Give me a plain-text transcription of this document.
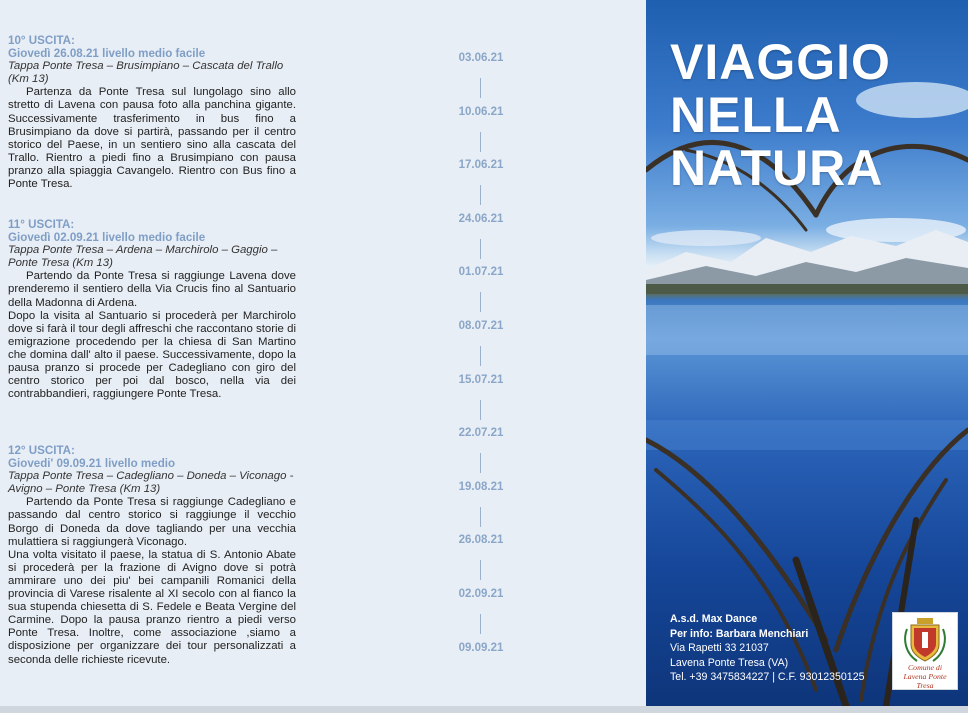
10° USCITA:
Giovedì 26.08.21 livello medio facile
Tappa Ponte Tresa – Brusimpiano – Cascata del Trallo (Km 13)

Partenza da Ponte Tresa sul lungolago sino allo stretto di Lavena con pausa foto alla panchina gigante. Successivamente trasferimento in bus fino a Brusimpiano da dove si partirà, passando per il centro storico del Paese, in un sentiero sino alla cascata del Trallo. Rientro a piedi fino a Brusimpiano con pausa pranzo alla spiaggia Cavangelo. Rientro con Bus fino a Ponte Tresa.

11° USCITA:
Giovedì 02.09.21 livello medio facile
Tappa Ponte Tresa – Ardena – Marchirolo – Gaggio – Ponte Tresa (Km 13)

Partendo da Ponte Tresa si raggiunge Lavena dove prenderemo il sentiero della Via Crucis fino al Santuario della Madonna di Ardena.

Dopo la visita al Santuario si procederà per Marchirolo dove si farà il tour degli affreschi che raccontano storie di emigrazione procedendo per la chiesa di San Martino che domina dall' alto il paese. Successivamente, dopo la pausa pranzo si procede per Cadegliano con giro del centro storico per poi dal bosco, nella via dei contrabbandieri, raggiungere Ponte Tresa.

12° USCITA:
Giovedi' 09.09.21 livello medio
Tappa Ponte Tresa – Cadegliano – Doneda – Viconago - Avigno – Ponte Tresa (Km 13)

Partendo da Ponte Tresa si raggiunge Cadegliano e passando dal centro storico si raggiunge il vecchio Borgo di Doneda da dove tagliando per una vecchia mulattiera si raggiungerà Viconago.

Una volta visitato il paese, la statua di S. Antonio Abate si procederà per la frazione di Avigno dove si potrà ammirare uno dei piu' bei campanili Romanici della provincia di Varese risalente al XI secolo con al fianco la sua stupenda chiesetta di S. Fedele e Beata Vergine del Carmine. Dopo la pausa pranzo rientro a piedi verso Ponte Tresa. Inoltre, come associazione ,siamo a disposizione per organizzare dei tour personalizzati a seconda delle richieste ricevute.

03.06.21
10.06.21
17.06.21
24.06.21
01.07.21
08.07.21
15.07.21
22.07.21
19.08.21
26.08.21
02.09.21
09.09.21
VIAGGIO
NELLA
NATURA
A.s.d. Max Dance
Per info: Barbara Menchiari
Via Rapetti 33 21037
Lavena Ponte Tresa (VA)
Tel. +39 3475834227 | C.F. 93012350125
Comune di
Lavena Ponte Tresa
